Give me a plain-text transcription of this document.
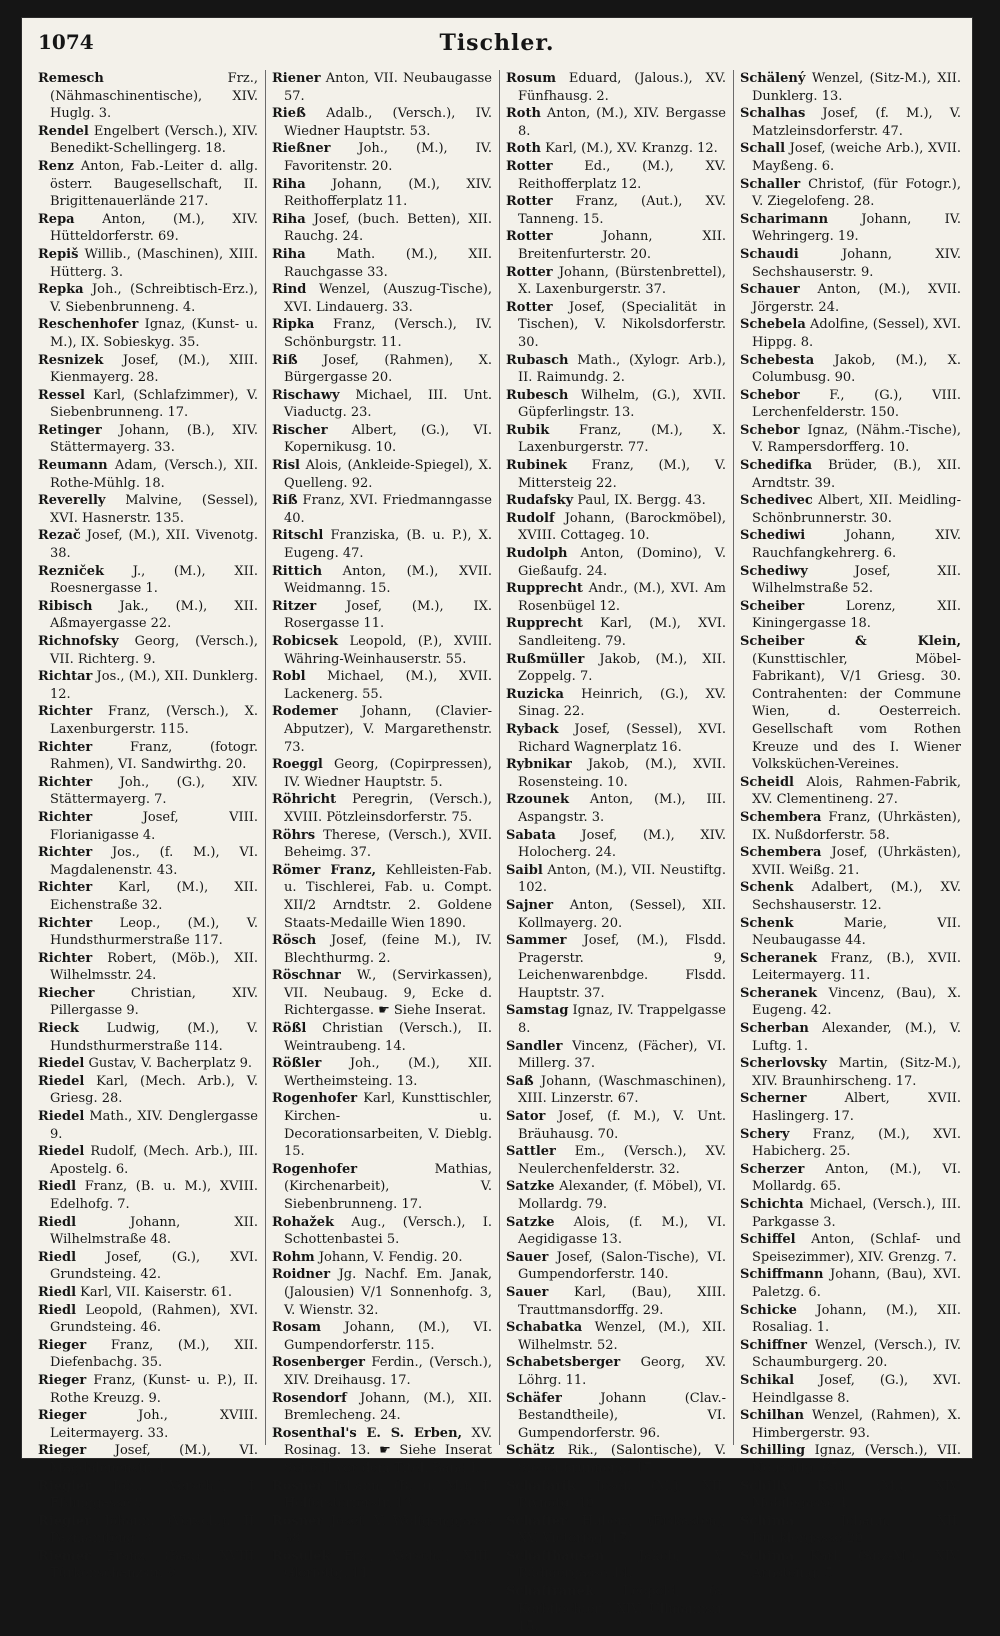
1074	Tischler.

Remesch Frz., (Nähmaschinentische), XIV. Huglg. 3.

Rendel Engelbert (Versch.), XIV. Benedikt-Schellingerg. 18.

Renz Anton, Fab.-Leiter d. allg. österr. Baugesellschaft, II. Brigittenauerlände 217.

Repa Anton, (M.), XIV. Hütteldorferstr. 69.

Repiš Willib., (Maschinen), XIII. Hütterg. 3.

Repka Joh., (Schreibtisch-Erz.), V. Siebenbrunneng. 4.

Reschenhofer Ignaz, (Kunst- u. M.), IX. Sobieskyg. 35.

Resnizek Josef, (M.), XIII. Kienmayerg. 28.

Ressel Karl, (Schlafzimmer), V. Siebenbrunneng. 17.

Retinger Johann, (B.), XIV. Stättermayerg. 33.

Reumann Adam, (Versch.), XII. Rothe-Mühlg. 18.

Reverelly Malvine, (Sessel), XVI. Hasnerstr. 135.

Rezač Josef, (M.), XII. Vivenotg. 38.

Rezniček J., (M.), XII. Roesnergasse 1.

Ribisch Jak., (M.), XII. Aßmayergasse 22.

Richnofsky Georg, (Versch.), VII. Richterg. 9.

Richtar Jos., (M.), XII. Dunklerg. 12.

Richter Franz, (Versch.), X. Laxenburgerstr. 115.

Richter Franz, (fotogr. Rahmen), VI. Sandwirthg. 20.

Richter Joh., (G.), XIV. Stättermayerg. 7.

Richter Josef, VIII. Florianigasse 4.

Richter Jos., (f. M.), VI. Magdalenenstr. 43.

Richter Karl, (M.), XII. Eichenstraße 32.

Richter Leop., (M.), V. Hundsthurmerstraße 117.

Richter Robert, (Möb.), XII. Wilhelmsstr. 24.

Riecher Christian, XIV. Pillergasse 9.

Rieck Ludwig, (M.), V. Hundsthurmerstraße 114.

Riedel Gustav, V. Bacherplatz 9.

Riedel Karl, (Mech. Arb.), V. Griesg. 28.

Riedel Math., XIV. Denglergasse 9.

Riedel Rudolf, (Mech. Arb.), III. Apostelg. 6.

Riedl Franz, (B. u. M.), XVIII. Edelhofg. 7.

Riedl Johann, XII. Wilhelmstraße 48.

Riedl Josef, (G.), XVI. Grundsteing. 42.

Riedl Karl, VII. Kaiserstr. 61.

Riedl Leopold, (Rahmen), XVI. Grundsteing. 46.

Rieger Franz, (M.), XII. Diefenbachg. 35.

Rieger Franz, (Kunst- u. P.), II. Rothe Kreuzg. 9.

Rieger Joh., XVIII. Leitermayerg. 33.

Rieger Josef, (M.), VI. Magdalenenstr. 4.

Riegler Joh., (Versch.), I. Eßlinggasse 8.

Riegler Johann, (Versch.), II. Pazmaniteng. 3.

Riemer Franz, (Bau), XVIII. Türkenschanzstr. 9.

Riener Anton, VII. Neubaugasse 57.

Rieß Adalb., (Versch.), IV. Wiedner Hauptstr. 53.

Rießner Joh., (M.), IV. Favoritenstr. 20.

Riha Johann, (M.), XIV. Reithofferplatz 11.

Riha Josef, (buch. Betten), XII. Rauchg. 24.

Riha Math. (M.), XII. Rauchgasse 33.

Rind Wenzel, (Auszug-Tische), XVI. Lindauerg. 33.

Ripka Franz, (Versch.), IV. Schönburgstr. 11.

Riß Josef, (Rahmen), X. Bürgergasse 20.

Rischawy Michael, III. Unt. Viaductg. 23.

Rischer Albert, (G.), VI. Kopernikusg. 10.

Risl Alois, (Ankleide-Spiegel), X. Quelleng. 92.

Riß Franz, XVI. Friedmanngasse 40.

Ritschl Franziska, (B. u. P.), X. Eugeng. 47.

Rittich Anton, (M.), XVII. Weidmanng. 15.

Ritzer Josef, (M.), IX. Rosergasse 11.

Robicsek Leopold, (P.), XVIII. Währing-Weinhauserstr. 55.

Robl Michael, (M.), XVII. Lackenerg. 55.

Rodemer Johann, (Clavier-Abputzer), V. Margarethenstr. 73.

Roeggl Georg, (Copirpressen), IV. Wiedner Hauptstr. 5.

Röhricht Peregrin, (Versch.), XVIII. Pötzleinsdorferstr. 75.

Röhrs Therese, (Versch.), XVII. Beheimg. 37.

Römer Franz, Kehlleisten-Fab. u. Tischlerei, Fab. u. Compt. XII/2 Arndtstr. 2. Goldene Staats-Medaille Wien 1890.

Rösch Josef, (feine M.), IV. Blechthurmg. 2.

Röschnar W., (Servirkassen), VII. Neubaug. 9, Ecke d. Richtergasse. ☛ Siehe Inserat.

Rößl Christian (Versch.), II. Weintraubeng. 14.

Rößler Joh., (M.), XII. Wertheimsteing. 13.

Rogenhofer Karl, Kunsttischler, Kirchen- u. Decorationsarbeiten, V. Dieblg. 15.

Rogenhofer Mathias, (Kirchenarbeit), V. Siebenbrunneng. 17.

Rohažek Aug., (Versch.), I. Schottenbastei 5.

Rohm Johann, V. Fendig. 20.

Roidner Jg. Nachf. Em. Janak, (Jalousien) V/1 Sonnenhofg. 3, V. Wienstr. 32.

Rosam Johann, (M.), VI. Gumpendorferstr. 115.

Rosenberger Ferdin., (Versch.), XIV. Dreihausg. 17.

Rosendorf Johann, (M.), XII. Bremlecheng. 24.

Rosenthal's E. S. Erben, XV. Rosinag. 13. ☛ Siehe Inserat Seite II vor dem Titel, Band I.

Rosner Johann, (B. u. M.), I. Helferstorferstr. 13.

Rosner Josef, V. Wolfganggasse 38.

Rosulek Frz., (Versch.), XIII. Gloriettg. 11.

Rosum Eduard, (Jalous.), XV. Fünfhausg. 2.

Roth Anton, (M.), XIV. Bergasse 8.

Roth Karl, (M.), XV. Kranzg. 12.

Rotter Ed., (M.), XV. Reithofferplatz 12.

Rotter Franz, (Aut.), XV. Tanneng. 15.

Rotter Johann, XII. Breitenfurterstr. 20.

Rotter Johann, (Bürstenbrettel), X. Laxenburgerstr. 37.

Rotter Josef, (Specialität in Tischen), V. Nikolsdorferstr. 30.

Rubasch Math., (Xylogr. Arb.), II. Raimundg. 2.

Rubesch Wilhelm, (G.), XVII. Güpferlingstr. 13.

Rubik Franz, (M.), X. Laxenburgerstr. 77.

Rubinek Franz, (M.), V. Mittersteig 22.

Rudafsky Paul, IX. Bergg. 43.

Rudolf Johann, (Barockmöbel), XVIII. Cottageg. 10.

Rudolph Anton, (Domino), V. Gießaufg. 24.

Rupprecht Andr., (M.), XVI. Am Rosenbügel 12.

Rupprecht Karl, (M.), XVI. Sandleiteng. 79.

Rußmüller Jakob, (M.), XII. Zoppelg. 7.

Ruzicka Heinrich, (G.), XV. Sinag. 22.

Ryback Josef, (Sessel), XVI. Richard Wagnerplatz 16.

Rybnikar Jakob, (M.), XVII. Rosensteing. 10.

Rzounek Anton, (M.), III. Aspangstr. 3.

Sabata Josef, (M.), XIV. Holocherg. 24.

Saibl Anton, (M.), VII. Neustiftg. 102.

Sajner Anton, (Sessel), XII. Kollmayerg. 20.

Sammer Josef, (M.), Flsdd. Pragerstr. 9, Leichenwarenbdge. Flsdd. Hauptstr. 37.

Samstag Ignaz, IV. Trappelgasse 8.

Sandler Vincenz, (Fächer), VI. Millerg. 37.

Saß Johann, (Waschmaschinen), XIII. Linzerstr. 67.

Sator Josef, (f. M.), V. Unt. Bräuhausg. 70.

Sattler Em., (Versch.), XV. Neulerchenfelderstr. 32.

Satzke Alexander, (f. Möbel), VI. Mollardg. 79.

Satzke Alois, (f. M.), VI. Aegidigasse 13.

Sauer Josef, (Salon-Tische), VI. Gumpendorferstr. 140.

Sauer Karl, (Bau), XIII. Trauttmansdorffg. 29.

Schabatka Wenzel, (M.), XII. Wilhelmstr. 52.

Schabetsberger Georg, XV. Löhrg. 11.

Schäfer Johann (Clav.-Bestandtheile), VI. Gumpendorferstr. 96.

Schätz Rik., (Salontische), V. Siebenbrunneng. 17.

Schafarik Josef, (M.), XII. Rivnotg. 40.

Schaffer Hubert, (Eiskasten), XV. Victoriag. 17.

Schaffhausen Jakob, V. Rüdigergasse 14.

Schaffranek Leopold, (a. Korbflechter), XIV. Ullmannstr. 15.

Schälený Wenzel, (Sitz-M.), XII. Dunklerg. 13.

Schalhas Josef, (f. M.), V. Matzleinsdorferstr. 47.

Schall Josef, (weiche Arb.), XVII. Mayßeng. 6.

Schaller Christof, (für Fotogr.), V. Ziegelofeng. 28.

Scharimann Johann, IV. Wehringerg. 19.

Schaudi Johann, XIV. Sechshauserstr. 9.

Schauer Anton, (M.), XVII. Jörgerstr. 24.

Schebela Adolfine, (Sessel), XVI. Hippg. 8.

Schebesta Jakob, (M.), X. Columbusg. 90.

Schebor F., (G.), VIII. Lerchenfelderstr. 150.

Schebor Ignaz, (Nähm.-Tische), V. Rampersdorfferg. 10.

Schedifka Brüder, (B.), XII. Arndtstr. 39.

Schedivec Albert, XII. Meidling-Schönbrunnerstr. 30.

Schediwi Johann, XIV. Rauchfangkehrerg. 6.

Schediwy Josef, XII. Wilhelmstraße 52.

Scheiber Lorenz, XII. Kiningergasse 18.

Scheiber & Klein, (Kunsttischler, Möbel-Fabrikant), V/1 Griesg. 30. Contrahenten: der Commune Wien, d. Oesterreich. Gesellschaft vom Rothen Kreuze und des I. Wiener Volksküchen-Vereines.

Scheidl Alois, Rahmen-Fabrik, XV. Clementineng. 27.

Schembera Franz, (Uhrkästen), IX. Nußdorferstr. 58.

Schembera Josef, (Uhrkästen), XVII. Weißg. 21.

Schenk Adalbert, (M.), XV. Sechshauserstr. 12.

Schenk Marie, VII. Neubaugasse 44.

Scheranek Franz, (B.), XVII. Leitermayerg. 11.

Scheranek Vincenz, (Bau), X. Eugeng. 42.

Scherban Alexander, (M.), V. Luftg. 1.

Scherlovsky Martin, (Sitz-M.), XIV. Braunhirscheng. 17.

Scherner Albert, XVII. Haslingerg. 17.

Schery Franz, (M.), XVI. Habicherg. 25.

Scherzer Anton, (M.), VI. Mollardg. 65.

Schichta Michael, (Versch.), III. Parkgasse 3.

Schiffel Anton, (Schlaf- und Speisezimmer), XIV. Grenzg. 7.

Schiffmann Johann, (Bau), XVI. Paletzg. 6.

Schicke Johann, (M.), XII. Rosaliag. 1.

Schiffner Wenzel, (Versch.), IV. Schaumburgerg. 20.

Schikal Josef, (G.), XVI. Heindlgasse 8.

Schilhan Wenzel, (Rahmen), X. Himbergerstr. 93.

Schilling Ignaz, (Versch.), VII. Neustiftg. 67.

Schilly Karl, (M.), XIV. Mobilegasse 4.

Schima Johann, XII. Dunklergasse 20.

Schima Karl, (Sitz-M.), XIV. Arnsteing. 5.
